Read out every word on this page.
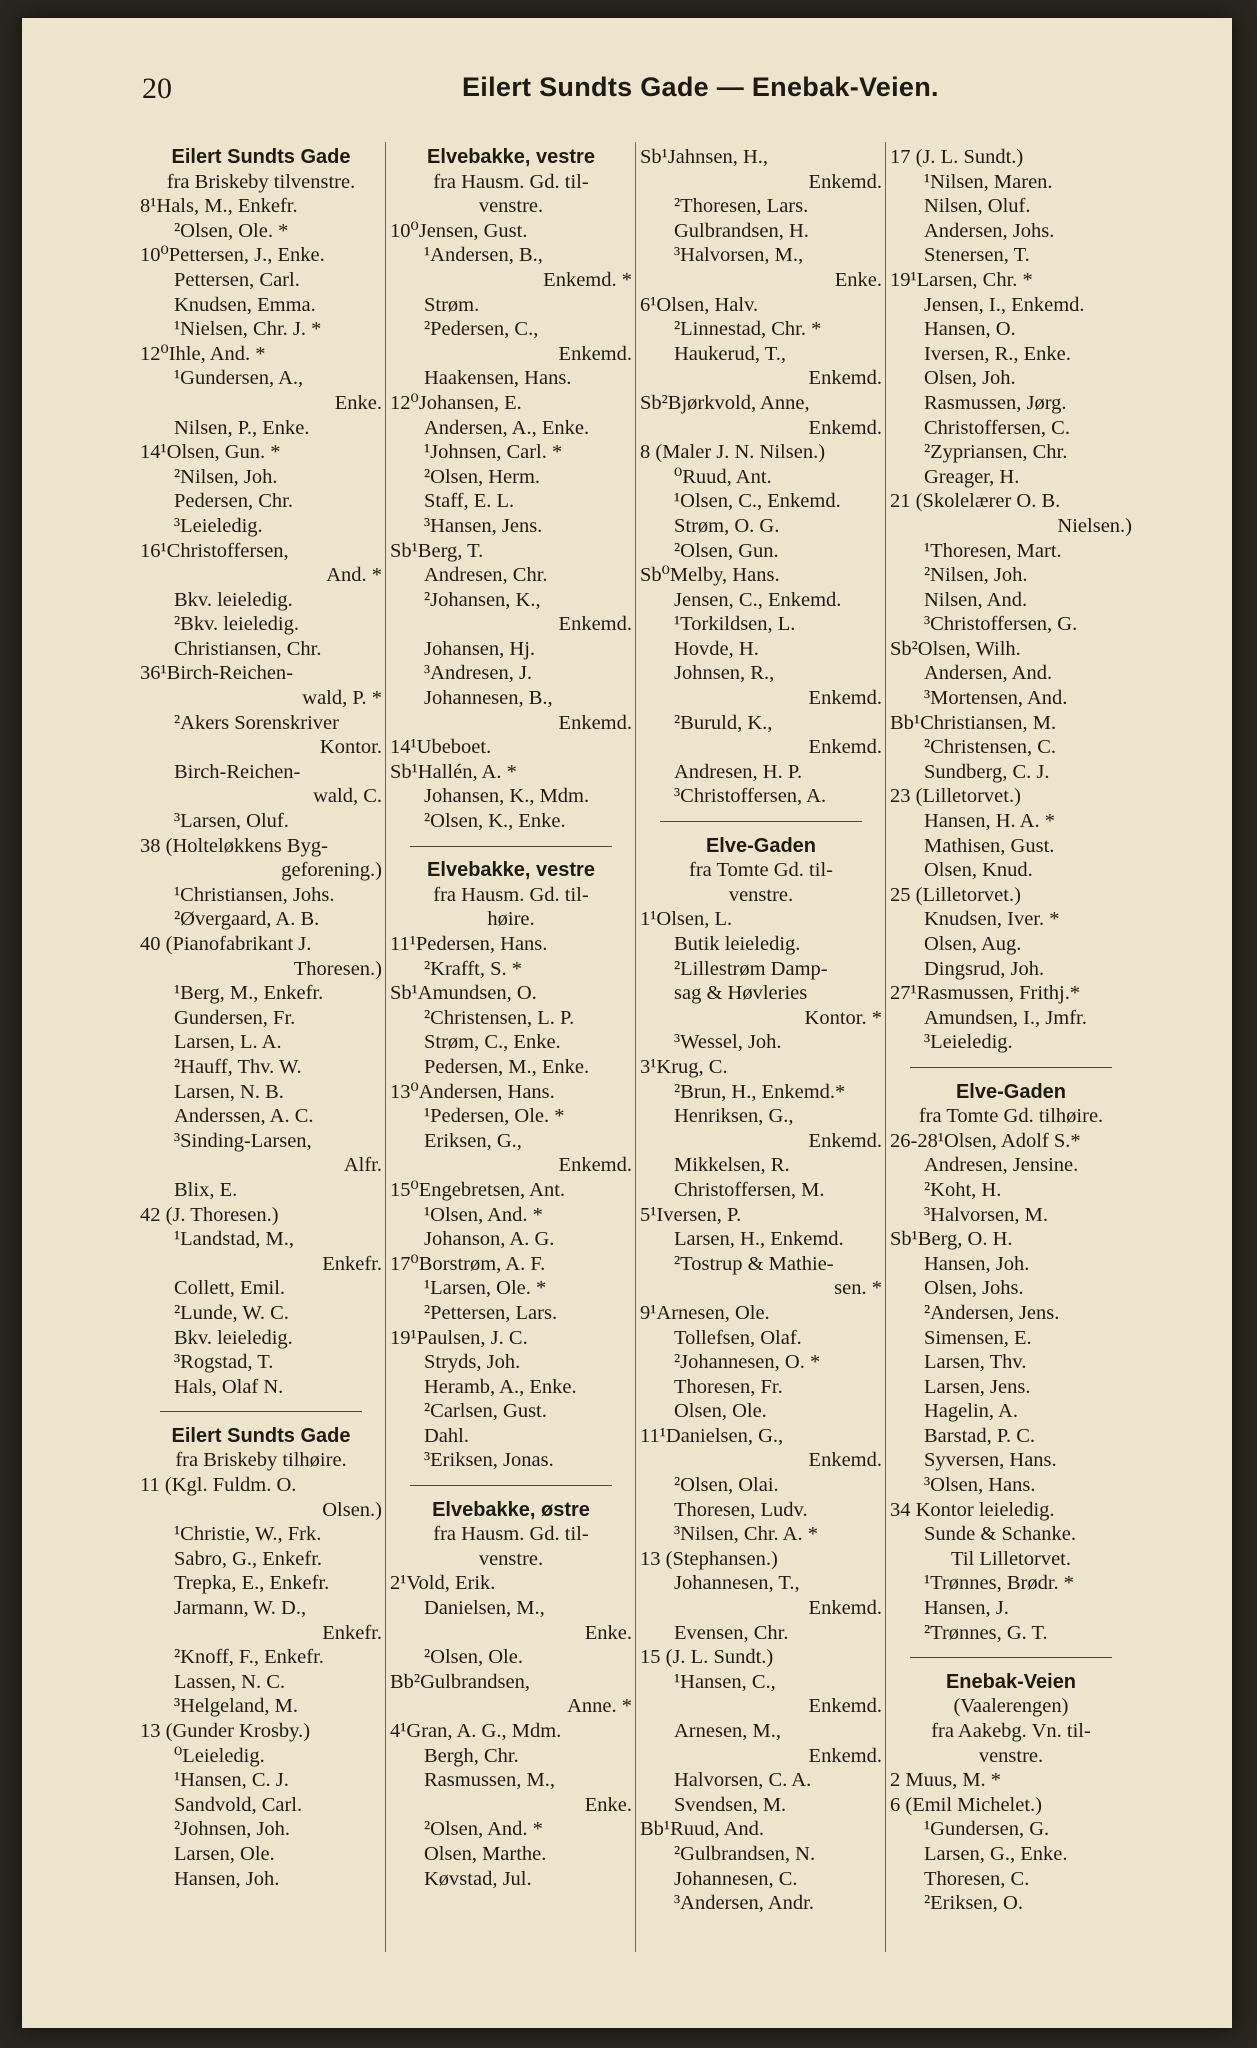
20	Eilert Sundts Gade — Enebak-Veien.
Eilert Sundts Gade
fra Briskeby tilvenstre.
8¹Hals, M., Enkefr.
²Olsen, Ole. *
10⁰Pettersen, J., Enke.
Pettersen, Carl.
Knudsen, Emma.
¹Nielsen, Chr. J. *
12⁰Ihle, And. *
¹Gundersen, A.,
Enke.
Nilsen, P., Enke.
14¹Olsen, Gun. *
²Nilsen, Joh.
Pedersen, Chr.
³Leieledig.
16¹Christoffersen,
And. *
Bkv. leieledig.
²Bkv. leieledig.
Christiansen, Chr.
36¹Birch-Reichen-
wald, P. *
²Akers Sorenskriver
Kontor.
Birch-Reichen-
wald, C.
³Larsen, Oluf.
38 (Holteløkkens Byg-
geforening.)
¹Christiansen, Johs.
²Øvergaard, A. B.
40 (Pianofabrikant J.
Thoresen.)
¹Berg, M., Enkefr.
Gundersen, Fr.
Larsen, L. A.
²Hauff, Thv. W.
Larsen, N. B.
Anderssen, A. C.
³Sinding-Larsen,
Alfr.
Blix, E.
42 (J. Thoresen.)
¹Landstad, M.,
Enkefr.
Collett, Emil.
²Lunde, W. C.
Bkv. leieledig.
³Rogstad, T.
Hals, Olaf N.
Eilert Sundts Gade
fra Briskeby tilhøire.
11 (Kgl. Fuldm. O.
Olsen.)
¹Christie, W., Frk.
Sabro, G., Enkefr.
Trepka, E., Enkefr.
Jarmann, W. D.,
Enkefr.
²Knoff, F., Enkefr.
Lassen, N. C.
³Helgeland, M.
13 (Gunder Krosby.)
⁰Leieledig.
¹Hansen, C. J.
Sandvold, Carl.
²Johnsen, Joh.
Larsen, Ole.
Hansen, Joh.
Elvebakke, vestre
fra Hausm. Gd. til-
venstre.
10⁰Jensen, Gust.
¹Andersen, B.,
Enkemd. *
Strøm.
²Pedersen, C.,
Enkemd.
Haakensen, Hans.
12⁰Johansen, E.
Andersen, A., Enke.
¹Johnsen, Carl. *
²Olsen, Herm.
Staff, E. L.
³Hansen, Jens.
Sb¹Berg, T.
Andresen, Chr.
²Johansen, K.,
Enkemd.
Johansen, Hj.
³Andresen, J.
Johannesen, B.,
Enkemd.
14¹Ubeboet.
Sb¹Hallén, A. *
Johansen, K., Mdm.
²Olsen, K., Enke.
Elvebakke, vestre
fra Hausm. Gd. til-
høire.
11¹Pedersen, Hans.
²Krafft, S. *
Sb¹Amundsen, O.
²Christensen, L. P.
Strøm, C., Enke.
Pedersen, M., Enke.
13⁰Andersen, Hans.
¹Pedersen, Ole. *
Eriksen, G.,
Enkemd.
15⁰Engebretsen, Ant.
¹Olsen, And. *
Johanson, A. G.
17⁰Borstrøm, A. F.
¹Larsen, Ole. *
²Pettersen, Lars.
19¹Paulsen, J. C.
Stryds, Joh.
Heramb, A., Enke.
²Carlsen, Gust.
Dahl.
³Eriksen, Jonas.
Elvebakke, østre
fra Hausm. Gd. til-
venstre.
2¹Vold, Erik.
Danielsen, M.,
Enke.
²Olsen, Ole.
Bb²Gulbrandsen,
Anne. *
4¹Gran, A. G., Mdm.
Bergh, Chr.
Rasmussen, M.,
Enke.
²Olsen, And. *
Olsen, Marthe.
Køvstad, Jul.
Sb¹Jahnsen, H.,
Enkemd.
²Thoresen, Lars.
Gulbrandsen, H.
³Halvorsen, M.,
Enke.
6¹Olsen, Halv.
²Linnestad, Chr. *
Haukerud, T.,
Enkemd.
Sb²Bjørkvold, Anne,
Enkemd.
8 (Maler J. N. Nilsen.)
⁰Ruud, Ant.
¹Olsen, C., Enkemd.
Strøm, O. G.
²Olsen, Gun.
Sb⁰Melby, Hans.
Jensen, C., Enkemd.
¹Torkildsen, L.
Hovde, H.
Johnsen, R.,
Enkemd.
²Buruld, K.,
Enkemd.
Andresen, H. P.
³Christoffersen, A.
Elve-Gaden
fra Tomte Gd. til-
venstre.
1¹Olsen, L.
Butik leieledig.
²Lillestrøm Damp-
sag & Høvleries
Kontor. *
³Wessel, Joh.
3¹Krug, C.
²Brun, H., Enkemd.*
Henriksen, G.,
Enkemd.
Mikkelsen, R.
Christoffersen, M.
5¹Iversen, P.
Larsen, H., Enkemd.
²Tostrup & Mathie-
sen. *
9¹Arnesen, Ole.
Tollefsen, Olaf.
²Johannesen, O. *
Thoresen, Fr.
Olsen, Ole.
11¹Danielsen, G.,
Enkemd.
²Olsen, Olai.
Thoresen, Ludv.
³Nilsen, Chr. A. *
13 (Stephansen.)
Johannesen, T.,
Enkemd.
Evensen, Chr.
15 (J. L. Sundt.)
¹Hansen, C.,
Enkemd.
Arnesen, M.,
Enkemd.
Halvorsen, C. A.
Svendsen, M.
Bb¹Ruud, And.
²Gulbrandsen, N.
Johannesen, C.
³Andersen, Andr.
17 (J. L. Sundt.)
¹Nilsen, Maren.
Nilsen, Oluf.
Andersen, Johs.
Stenersen, T.
19¹Larsen, Chr. *
Jensen, I., Enkemd.
Hansen, O.
Iversen, R., Enke.
Olsen, Joh.
Rasmussen, Jørg.
Christoffersen, C.
²Zypriansen, Chr.
Greager, H.
21 (Skolelærer O. B.
Nielsen.)
¹Thoresen, Mart.
²Nilsen, Joh.
Nilsen, And.
³Christoffersen, G.
Sb²Olsen, Wilh.
Andersen, And.
³Mortensen, And.
Bb¹Christiansen, M.
²Christensen, C.
Sundberg, C. J.
23 (Lilletorvet.)
Hansen, H. A. *
Mathisen, Gust.
Olsen, Knud.
25 (Lilletorvet.)
Knudsen, Iver. *
Olsen, Aug.
Dingsrud, Joh.
27¹Rasmussen, Frithj.*
Amundsen, I., Jmfr.
³Leieledig.
Elve-Gaden
fra Tomte Gd. tilhøire.
26-28¹Olsen, Adolf S.*
Andresen, Jensine.
²Koht, H.
³Halvorsen, M.
Sb¹Berg, O. H.
Hansen, Joh.
Olsen, Johs.
²Andersen, Jens.
Simensen, E.
Larsen, Thv.
Larsen, Jens.
Hagelin, A.
Barstad, P. C.
Syversen, Hans.
³Olsen, Hans.
34 Kontor leieledig.
Sunde & Schanke.
Til Lilletorvet.
¹Trønnes, Brødr. *
Hansen, J.
²Trønnes, G. T.
Enebak-Veien
(Vaalerengen)
fra Aakebg. Vn. til-
venstre.
2 Muus, M. *
6 (Emil Michelet.)
¹Gundersen, G.
Larsen, G., Enke.
Thoresen, C.
²Eriksen, O.
